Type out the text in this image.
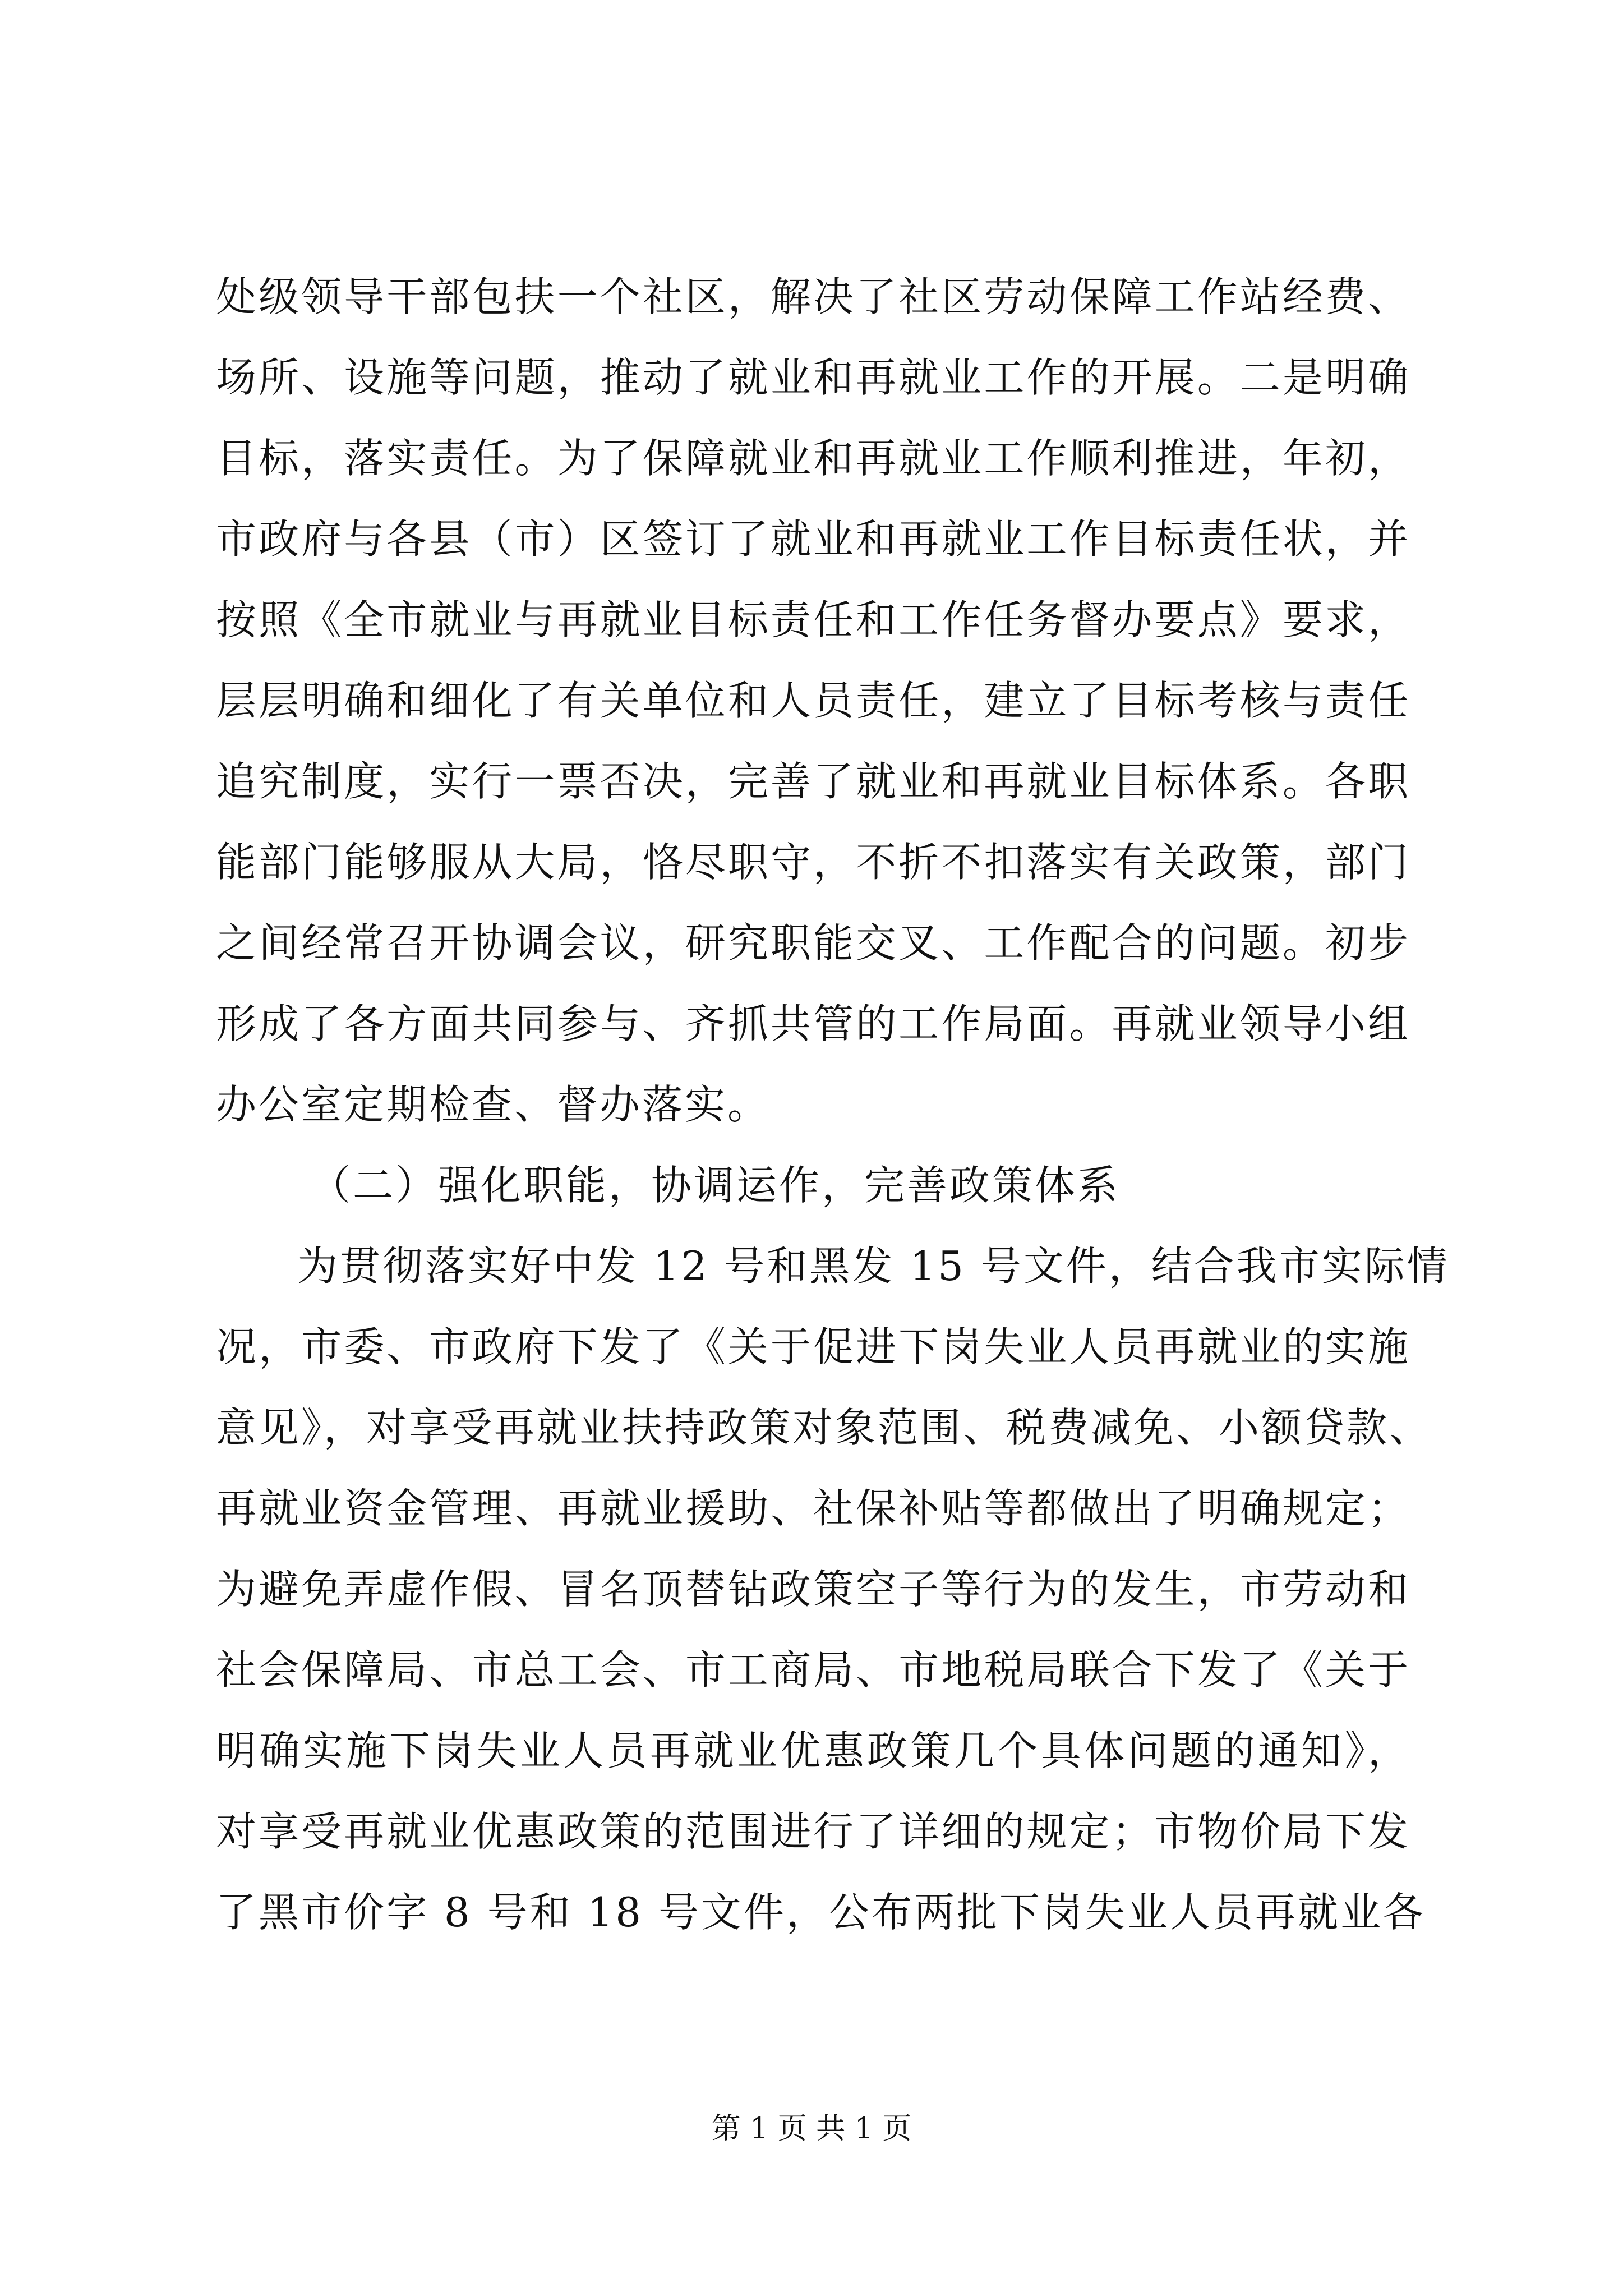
处级领导干部包扶一个社区，解决了社区劳动保障工作站经费、
场所、设施等问题，推动了就业和再就业工作的开展。二是明确
目标，落实责任。为了保障就业和再就业工作顺利推进，年初，
市政府与各县（市）区签订了就业和再就业工作目标责任状，并
按照《全市就业与再就业目标责任和工作任务督办要点》要求，
层层明确和细化了有关单位和人员责任，建立了目标考核与责任
追究制度，实行一票否决，完善了就业和再就业目标体系。各职
能部门能够服从大局，恪尽职守，不折不扣落实有关政策，部门
之间经常召开协调会议，研究职能交叉、工作配合的问题。初步
形成了各方面共同参与、齐抓共管的工作局面。再就业领导小组
办公室定期检查、督办落实。
（二）强化职能，协调运作，完善政策体系
为贯彻落实好中发 12 号和黑发 15 号文件，结合我市实际情
况，市委、市政府下发了《关于促进下岗失业人员再就业的实施
意见》，对享受再就业扶持政策对象范围、税费减免、小额贷款、
再就业资金管理、再就业援助、社保补贴等都做出了明确规定；
为避免弄虚作假、冒名顶替钻政策空子等行为的发生，市劳动和
社会保障局、市总工会、市工商局、市地税局联合下发了《关于
明确实施下岗失业人员再就业优惠政策几个具体问题的通知》，
对享受再就业优惠政策的范围进行了详细的规定；市物价局下发
了黑市价字 8 号和 18 号文件，公布两批下岗失业人员再就业各
第 1 页 共 1 页
